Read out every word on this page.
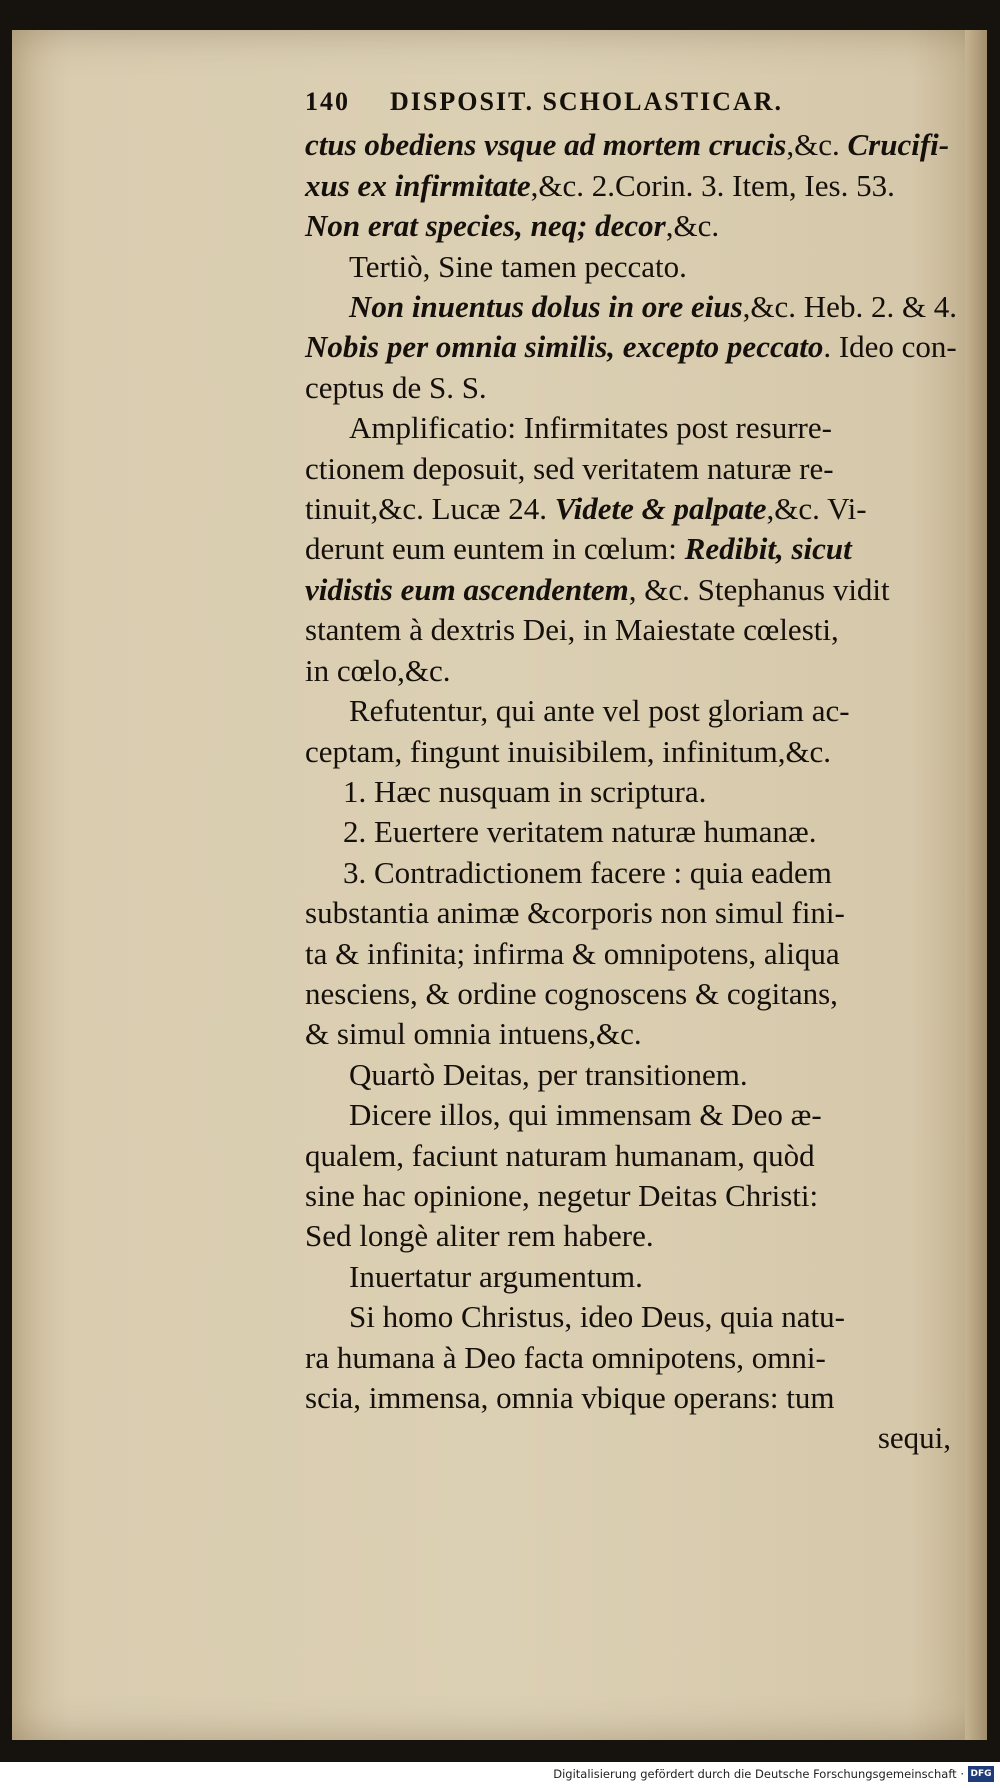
140 DISPOSIT. SCHOLASTICAR.
ctus obediens vsque ad mortem crucis,&c. Crucifi-
xus ex infirmitate,&c. 2.Corin. 3. Item, Ies. 53.
Non erat species, neq; decor,&c.
Tertiò, Sine tamen peccato.
Non inuentus dolus in ore eius,&c. Heb. 2. & 4.
Nobis per omnia similis, excepto peccato. Ideo con-
ceptus de S. S.
Amplificatio: Infirmitates post resurre-
ctionem deposuit, sed veritatem naturæ re-
tinuit,&c. Lucæ 24. Videte & palpate,&c. Vi-
derunt eum euntem in cœlum: Redibit, sicut
vidistis eum ascendentem, &c. Stephanus vidit
stantem à dextris Dei, in Maiestate cœlesti,
in cœlo,&c.
Refutentur, qui ante vel post gloriam ac-
ceptam, fingunt inuisibilem, infinitum,&c.
1. Hæc nusquam in scriptura.
2. Euertere veritatem naturæ humanæ.
3. Contradictionem facere : quia eadem
substantia animæ &corporis non simul fini-
ta & infinita; infirma & omnipotens, aliqua
nesciens, & ordine cognoscens & cogitans,
& simul omnia intuens,&c.
Quartò Deitas, per transitionem.
Dicere illos, qui immensam & Deo æ-
qualem, faciunt naturam humanam, quòd
sine hac opinione, negetur Deitas Christi:
Sed longè aliter rem habere.
Inuertatur argumentum.
Si homo Christus, ideo Deus, quia natu-
ra humana à Deo facta omnipotens, omni-
scia, immensa, omnia vbique operans: tum
sequi,
Digitalisierung gefördert durch die Deutsche Forschungsgemeinschaft · DFG
